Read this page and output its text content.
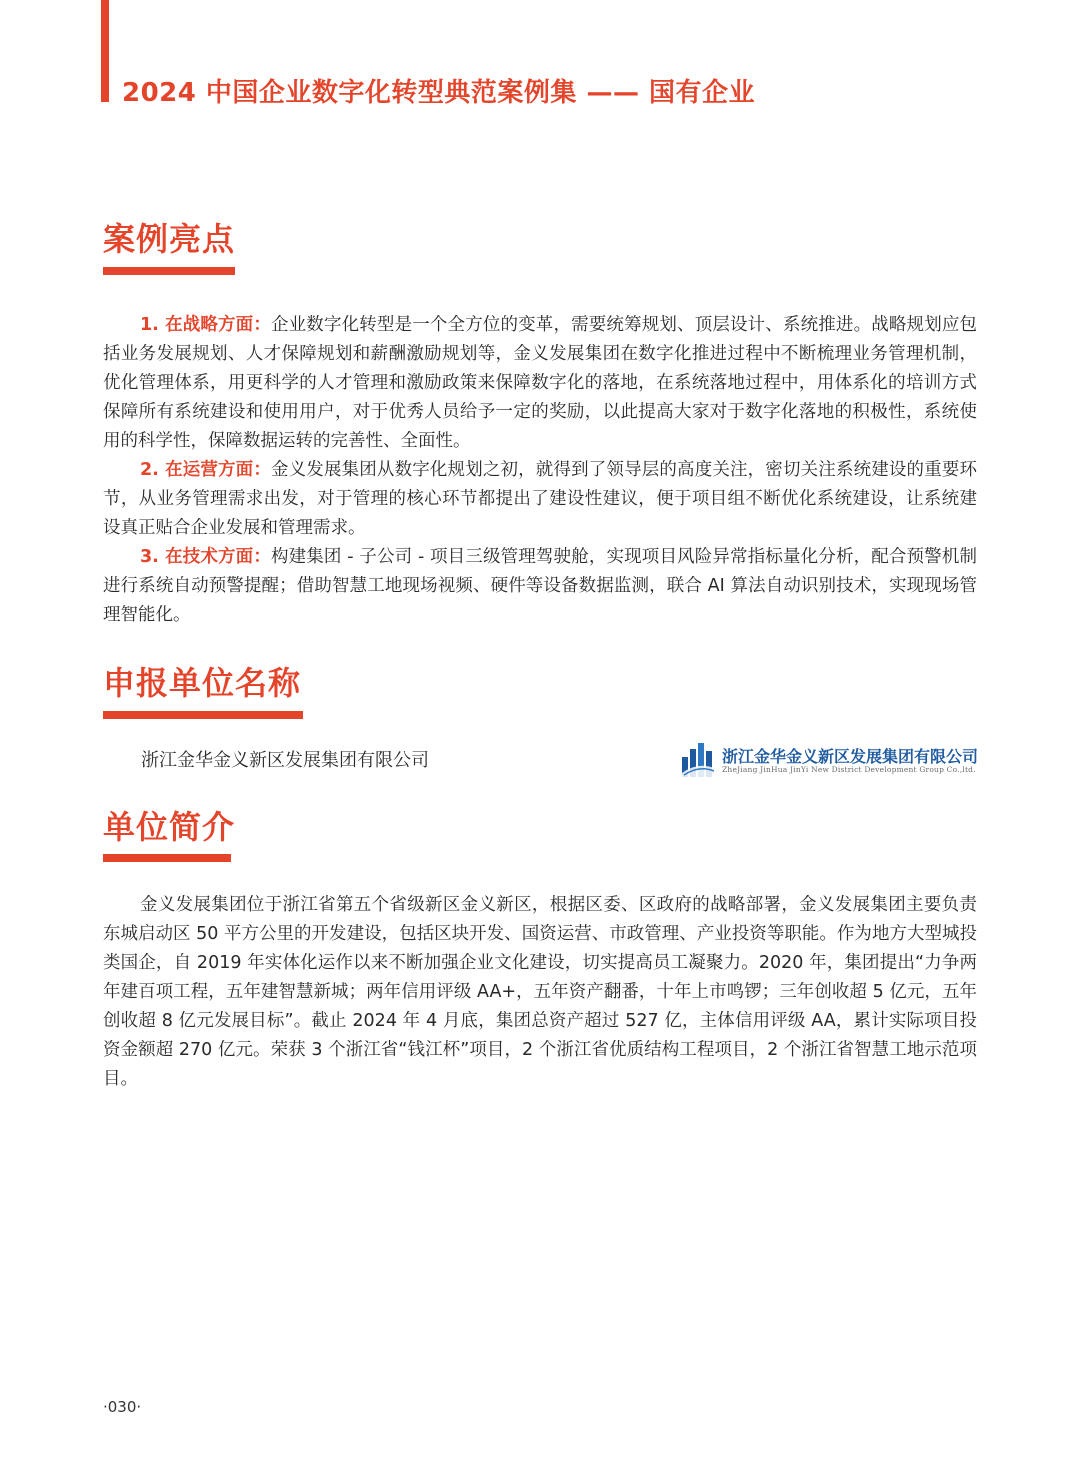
2024 中国企业数字化转型典范案例集 —— 国有企业
案例亮点

1. 在战略方面：企业数字化转型是一个全方位的变革，需要统筹规划、顶层设计、系统推进。战略规划应包括业务发展规划、人才保障规划和薪酬激励规划等，金义发展集团在数字化推进过程中不断梳理业务管理机制，优化管理体系，用更科学的人才管理和激励政策来保障数字化的落地，在系统落地过程中，用体系化的培训方式保障所有系统建设和使用用户，对于优秀人员给予一定的奖励，以此提高大家对于数字化落地的积极性，系统使用的科学性，保障数据运转的完善性、全面性。

2. 在运营方面：金义发展集团从数字化规划之初，就得到了领导层的高度关注，密切关注系统建设的重要环节，从业务管理需求出发，对于管理的核心环节都提出了建设性建议，便于项目组不断优化系统建设，让系统建设真正贴合企业发展和管理需求。

3. 在技术方面：构建集团 - 子公司 - 项目三级管理驾驶舱，实现项目风险异常指标量化分析，配合预警机制进行系统自动预警提醒；借助智慧工地现场视频、硬件等设备数据监测，联合 AI 算法自动识别技术，实现现场管理智能化。

申报单位名称
浙江金华金义新区发展集团有限公司	浙江金华金义新区发展集团有限公司
ZheJiang JinHua JinYi New District Development Group Co.,ltd.
单位简介

金义发展集团位于浙江省第五个省级新区金义新区，根据区委、区政府的战略部署，金义发展集团主要负责东城启动区 50 平方公里的开发建设，包括区块开发、国资运营、市政管理、产业投资等职能。作为地方大型城投类国企，自 2019 年实体化运作以来不断加强企业文化建设，切实提高员工凝聚力。2020 年，集团提出“力争两年建百项工程，五年建智慧新城；两年信用评级 AA+，五年资产翻番，十年上市鸣锣；三年创收超 5 亿元，五年创收超 8 亿元发展目标”。截止 2024 年 4 月底，集团总资产超过 527 亿，主体信用评级 AA，累计实际项目投资金额超 270 亿元。荣获 3 个浙江省“钱江杯”项目，2 个浙江省优质结构工程项目，2 个浙江省智慧工地示范项目。

·030·
